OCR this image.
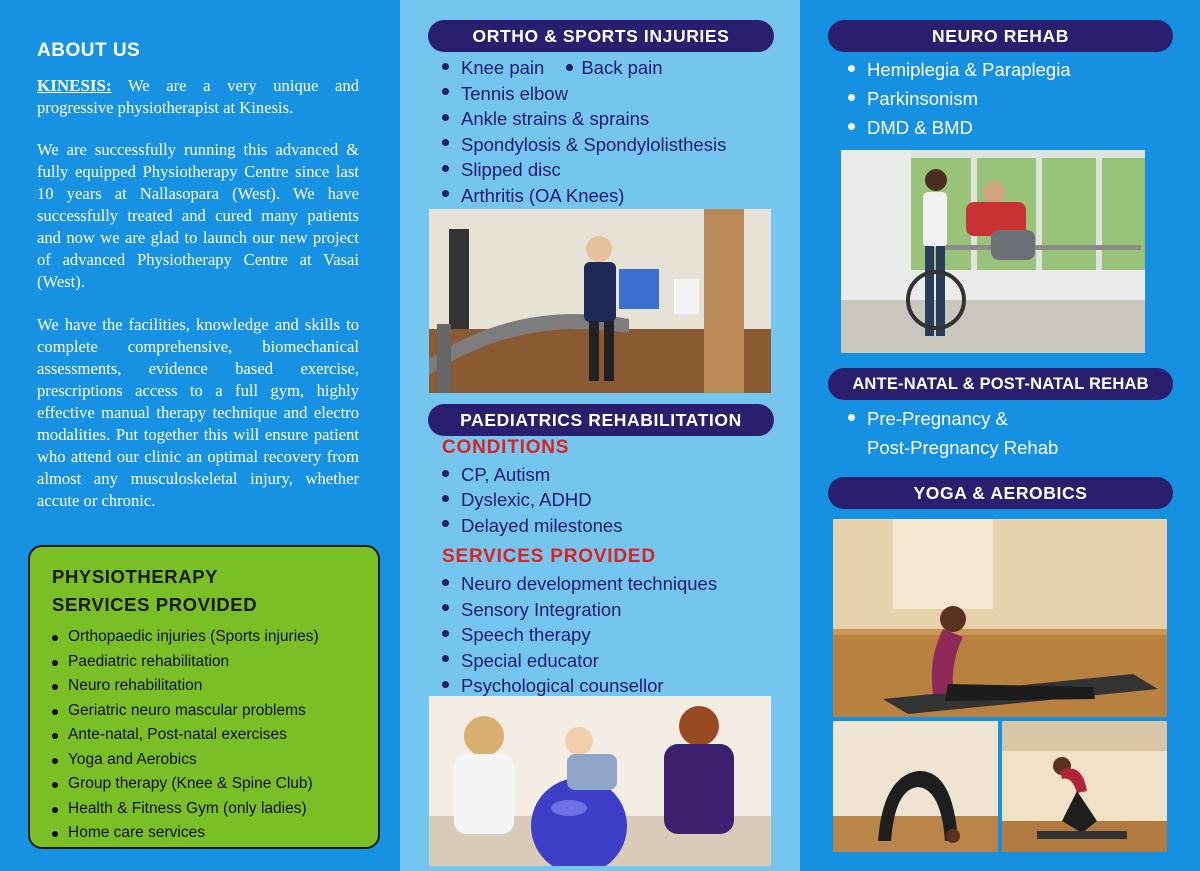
ABOUT US
KINESIS: We are a very unique and progressive physiotherapist at Kinesis.
We are successfully running this advanced & fully equipped Physiotherapy Centre since last 10 years at Nallasopara (West). We have successfully treated and cured many patients and now we are glad to launch our new project of advanced Physiotherapy Centre at Vasai (West).
We have the facilities, knowledge and skills to complete comprehensive, biomechanical assessments, evidence based exercise, prescriptions access to a full gym, highly effective manual therapy technique and electro modalities. Put together this will ensure patient who attend our clinic an optimal recovery from almost any musculoskeletal injury, whether accute or chronic.
PHYSIOTHERAPY
SERVICES PROVIDED
Orthopaedic injuries (Sports injuries)
Paediatric rehabilitation
Neuro rehabilitation
Geriatric neuro mascular problems
Ante-natal, Post-natal exercises
Yoga and Aerobics
Group therapy (Knee & Spine Club)
Health & Fitness Gym (only ladies)
Home care services
ORTHO & SPORTS INJURIES
Knee pain Back pain
Tennis elbow
Ankle strains & sprains
Spondylosis & Spondylolisthesis
Slipped disc
Arthritis (OA Knees)
PAEDIATRICS REHABILITATION
CONDITIONS
CP, Autism
Dyslexic, ADHD
Delayed milestones
SERVICES PROVIDED
Neuro development techniques
Sensory Integration
Speech therapy
Special educator
Psychological counsellor
NEURO REHAB
Hemiplegia & Paraplegia
Parkinsonism
DMD & BMD
ANTE-NATAL & POST-NATAL REHAB
Pre-Pregnancy &
Post-Pregnancy Rehab
YOGA & AEROBICS
